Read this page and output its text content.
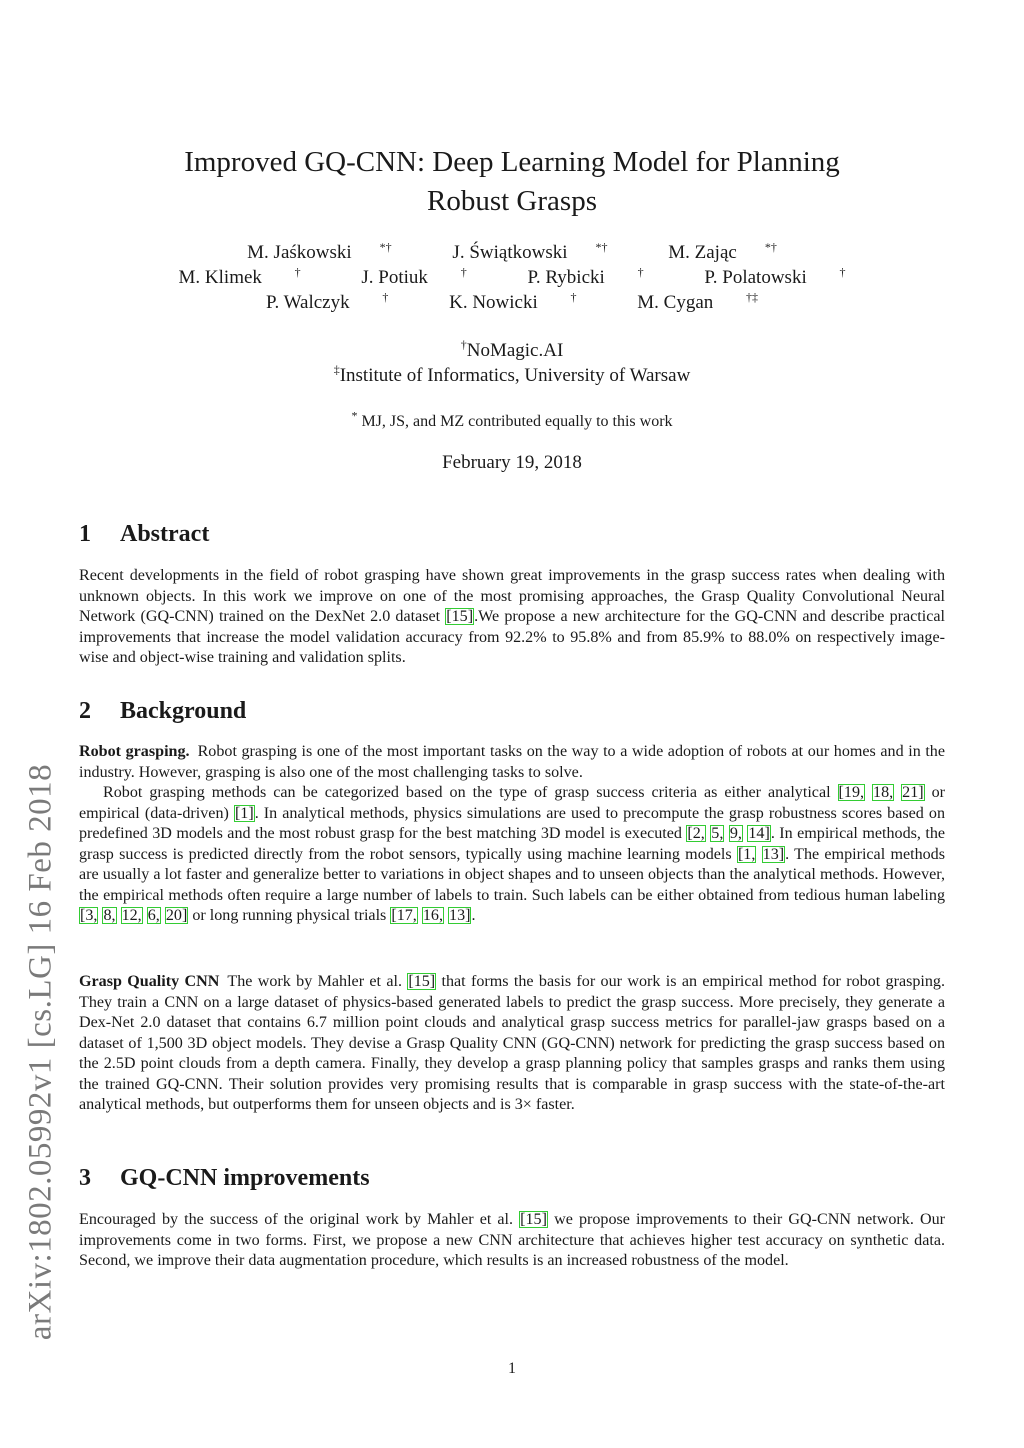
arXiv:1802.05992v1 [cs.LG] 16 Feb 2018
Improved GQ-CNN: Deep Learning Model for Planning
Robust Grasps
M. Jaśkowski *†	J. Świątkowski *†	M. Zając *†
M. Klimek	†	J. Potiuk	†	P. Rybicki	†	P. Polatowski	†
P. Walczyk	†	K. Nowicki	†	M. Cygan	†‡
†NoMagic.AI
‡Institute of Informatics, University of Warsaw
* MJ, JS, and MZ contributed equally to this work
February 19, 2018
1 Abstract
Recent developments in the field of robot grasping have shown great improvements in the grasp success rates when dealing with unknown objects. In this work we improve on one of the most promising approaches, the Grasp Quality Convolutional Neural Network (GQ-CNN) trained on the DexNet 2.0 dataset [15].We propose a new architecture for the GQ-CNN and describe practical improvements that increase the model validation accuracy from 92.2% to 95.8% and from 85.9% to 88.0% on respectively image-wise and object-wise training and validation splits.
2 Background
Robot grasping. Robot grasping is one of the most important tasks on the way to a wide adoption of robots at our homes and in the industry. However, grasping is also one of the most challenging tasks to solve.
Robot grasping methods can be categorized based on the type of grasp success criteria as either analytical [19, 18, 21] or empirical (data-driven) [1]. In analytical methods, physics simulations are used to precompute the grasp robustness scores based on predefined 3D models and the most robust grasp for the best matching 3D model is executed [2, 5, 9, 14]. In empirical methods, the grasp success is predicted directly from the robot sensors, typically using machine learning models [1, 13]. The empirical methods are usually a lot faster and generalize better to variations in object shapes and to unseen objects than the analytical methods. However, the empirical methods often require a large number of labels to train. Such labels can be either obtained from tedious human labeling [3, 8, 12, 6, 20] or long running physical trials [17, 16, 13].
Grasp Quality CNN The work by Mahler et al. [15] that forms the basis for our work is an empirical method for robot grasping. They train a CNN on a large dataset of physics-based generated labels to predict the grasp success. More precisely, they generate a Dex-Net 2.0 dataset that contains 6.7 million point clouds and analytical grasp success metrics for parallel-jaw grasps based on a dataset of 1,500 3D object models. They devise a Grasp Quality CNN (GQ-CNN) network for predicting the grasp success based on the 2.5D point clouds from a depth camera. Finally, they develop a grasp planning policy that samples grasps and ranks them using the trained GQ-CNN. Their solution provides very promising results that is comparable in grasp success with the state-of-the-art analytical methods, but outperforms them for unseen objects and is 3× faster.
3 GQ-CNN improvements
Encouraged by the success of the original work by Mahler et al. [15] we propose improvements to their GQ-CNN network. Our improvements come in two forms. First, we propose a new CNN architecture that achieves higher test accuracy on synthetic data. Second, we improve their data augmentation procedure, which results is an increased robustness of the model.
1
